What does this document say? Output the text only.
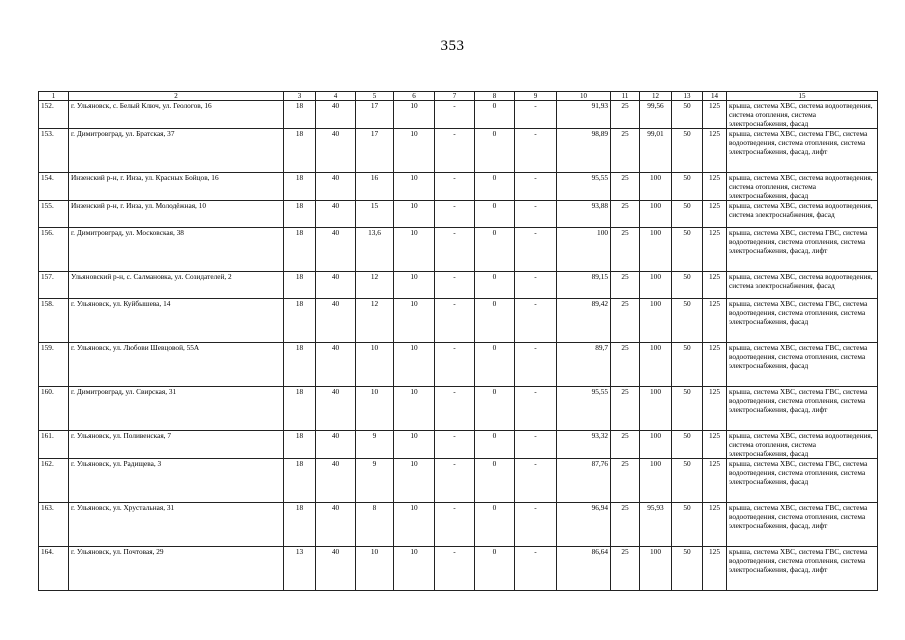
353
1	2	3	4	5	6	7	8	9	10	11	12	13	14	15
152.	г. Ульяновск, с. Белый Ключ, ул. Геологов, 16	18	40	17	10	-	0	-	91,93	25	99,56	50	125	крыша, система ХВС, система водоотведения, система отопления, система электроснабжения, фасад
153.	г. Димитровград, ул. Братская, 37	18	40	17	10	-	0	-	98,89	25	99,01	50	125	крыша, система ХВС, система ГВС, система водоотведения, система отопления, система электроснабжения, фасад, лифт
154.	Инзенский р-н, г. Инза, ул. Красных Бойцов, 16	18	40	16	10	-	0	-	95,55	25	100	50	125	крыша, система ХВС, система водоотведения, система отопления, система электроснабжения, фасад
155.	Инзенский р-н, г. Инза, ул. Молодёжная, 10	18	40	15	10	-	0	-	93,88	25	100	50	125	крыша, система ХВС, система водоотведения, система электроснабжения, фасад
156.	г. Димитровград, ул. Московская, 38	18	40	13,6	10	-	0	-	100	25	100	50	125	крыша, система ХВС, система ГВС, система водоотведения, система отопления, система электроснабжения, фасад, лифт
157.	Ульяновский р-н, с. Салмановка, ул. Созидателей, 2	18	40	12	10	-	0	-	89,15	25	100	50	125	крыша, система ХВС, система водоотведения, система электроснабжения, фасад
158.	г. Ульяновск, ул. Куйбышева, 14	18	40	12	10	-	0	-	89,42	25	100	50	125	крыша, система ХВС, система ГВС, система водоотведения, система отопления, система электроснабжения, фасад
159.	г. Ульяновск, ул. Любови Шевцовой, 55А	18	40	10	10	-	0	-	89,7	25	100	50	125	крыша, система ХВС, система ГВС, система водоотведения, система отопления, система электроснабжения, фасад
160.	г. Димитровград, ул. Свирская, 31	18	40	10	10	-	0	-	95,55	25	100	50	125	крыша, система ХВС, система ГВС, система водоотведения, система отопления, система электроснабжения, фасад, лифт
161.	г. Ульяновск, ул. Поливенская, 7	18	40	9	10	-	0	-	93,32	25	100	50	125	крыша, система ХВС, система водоотведения, система отопления, система электроснабжения, фасад
162.	г. Ульяновск, ул. Радищева, 3	18	40	9	10	-	0	-	87,76	25	100	50	125	крыша, система ХВС, система ГВС, система водоотведения, система отопления, система электроснабжения, фасад
163.	г. Ульяновск, ул. Хрустальная, 31	18	40	8	10	-	0	-	96,94	25	95,93	50	125	крыша, система ХВС, система ГВС, система водоотведения, система отопления, система электроснабжения, фасад, лифт
164.	г. Ульяновск, ул. Почтовая, 29	13	40	10	10	-	0	-	86,64	25	100	50	125	крыша, система ХВС, система ГВС, система водоотведения, система отопления, система электроснабжения, фасад, лифт
